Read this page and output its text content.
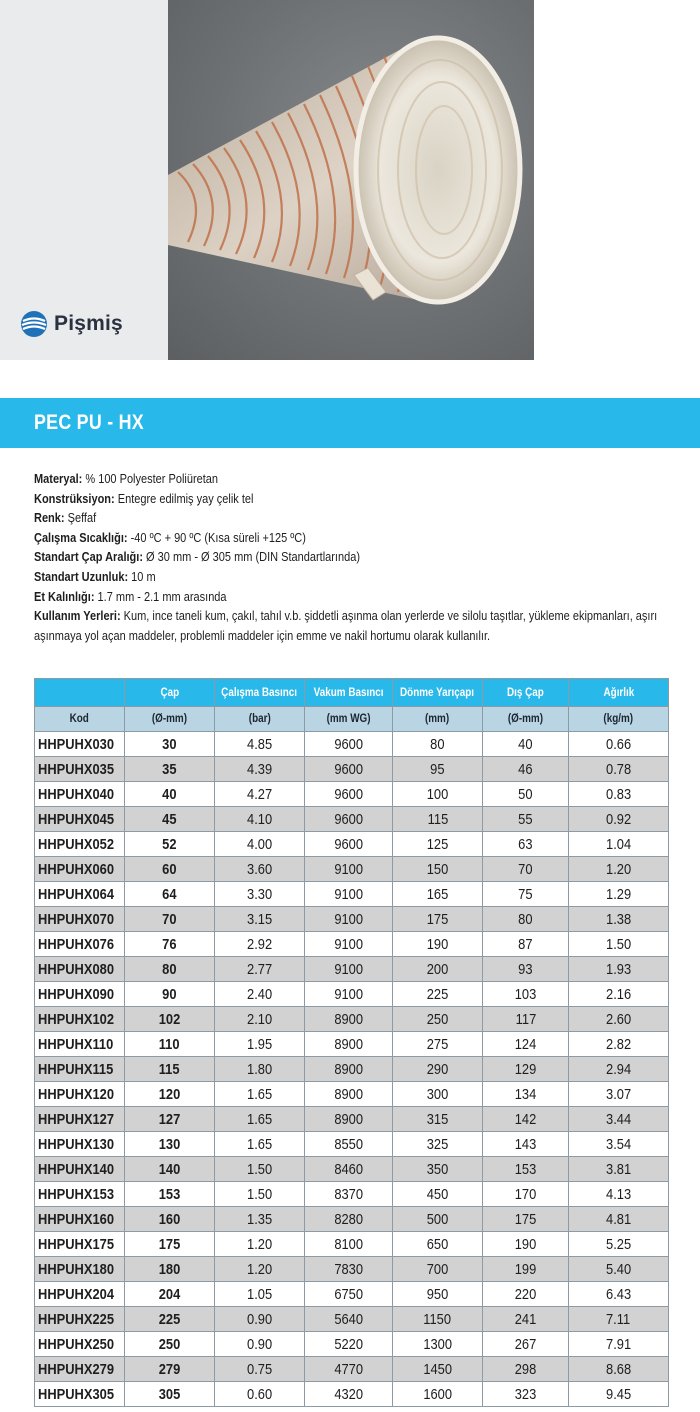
Pişmiş
PEC PU - HX
Materyal: % 100 Polyester Poliüretan
Konstrüksiyon: Entegre edilmiş yay çelik tel
Renk: Şeffaf
Çalışma Sıcaklığı: -40 ºC + 90 ºC (Kısa süreli +125 ºC)
Standart Çap Aralığı: Ø 30 mm - Ø 305 mm (DIN Standartlarında)
Standart Uzunluk: 10 m
Et Kalınlığı: 1.7 mm - 2.1 mm arasında
Kullanım Yerleri: Kum, ince taneli kum, çakıl, tahıl v.b. şiddetli aşınma olan yerlerde ve silolu taşıtlar, yükleme ekipmanları, aşırı aşınmaya yol açan maddeler, problemli maddeler için emme ve nakil hortumu olarak kullanılır.
	Çap	Çalışma Basıncı	Vakum Basıncı	Dönme Yarıçapı	Dış Çap	Ağırlık
Kod	(Ø-mm)	(bar)	(mm WG)	(mm)	(Ø-mm)	(kg/m)
HHPUHX030	30	4.85	9600	80	40	0.66
HHPUHX035	35	4.39	9600	95	46	0.78
HHPUHX040	40	4.27	9600	100	50	0.83
HHPUHX045	45	4.10	9600	115	55	0.92
HHPUHX052	52	4.00	9600	125	63	1.04
HHPUHX060	60	3.60	9100	150	70	1.20
HHPUHX064	64	3.30	9100	165	75	1.29
HHPUHX070	70	3.15	9100	175	80	1.38
HHPUHX076	76	2.92	9100	190	87	1.50
HHPUHX080	80	2.77	9100	200	93	1.93
HHPUHX090	90	2.40	9100	225	103	2.16
HHPUHX102	102	2.10	8900	250	117	2.60
HHPUHX110	110	1.95	8900	275	124	2.82
HHPUHX115	115	1.80	8900	290	129	2.94
HHPUHX120	120	1.65	8900	300	134	3.07
HHPUHX127	127	1.65	8900	315	142	3.44
HHPUHX130	130	1.65	8550	325	143	3.54
HHPUHX140	140	1.50	8460	350	153	3.81
HHPUHX153	153	1.50	8370	450	170	4.13
HHPUHX160	160	1.35	8280	500	175	4.81
HHPUHX175	175	1.20	8100	650	190	5.25
HHPUHX180	180	1.20	7830	700	199	5.40
HHPUHX204	204	1.05	6750	950	220	6.43
HHPUHX225	225	0.90	5640	1150	241	7.11
HHPUHX250	250	0.90	5220	1300	267	7.91
HHPUHX279	279	0.75	4770	1450	298	8.68
HHPUHX305	305	0.60	4320	1600	323	9.45
